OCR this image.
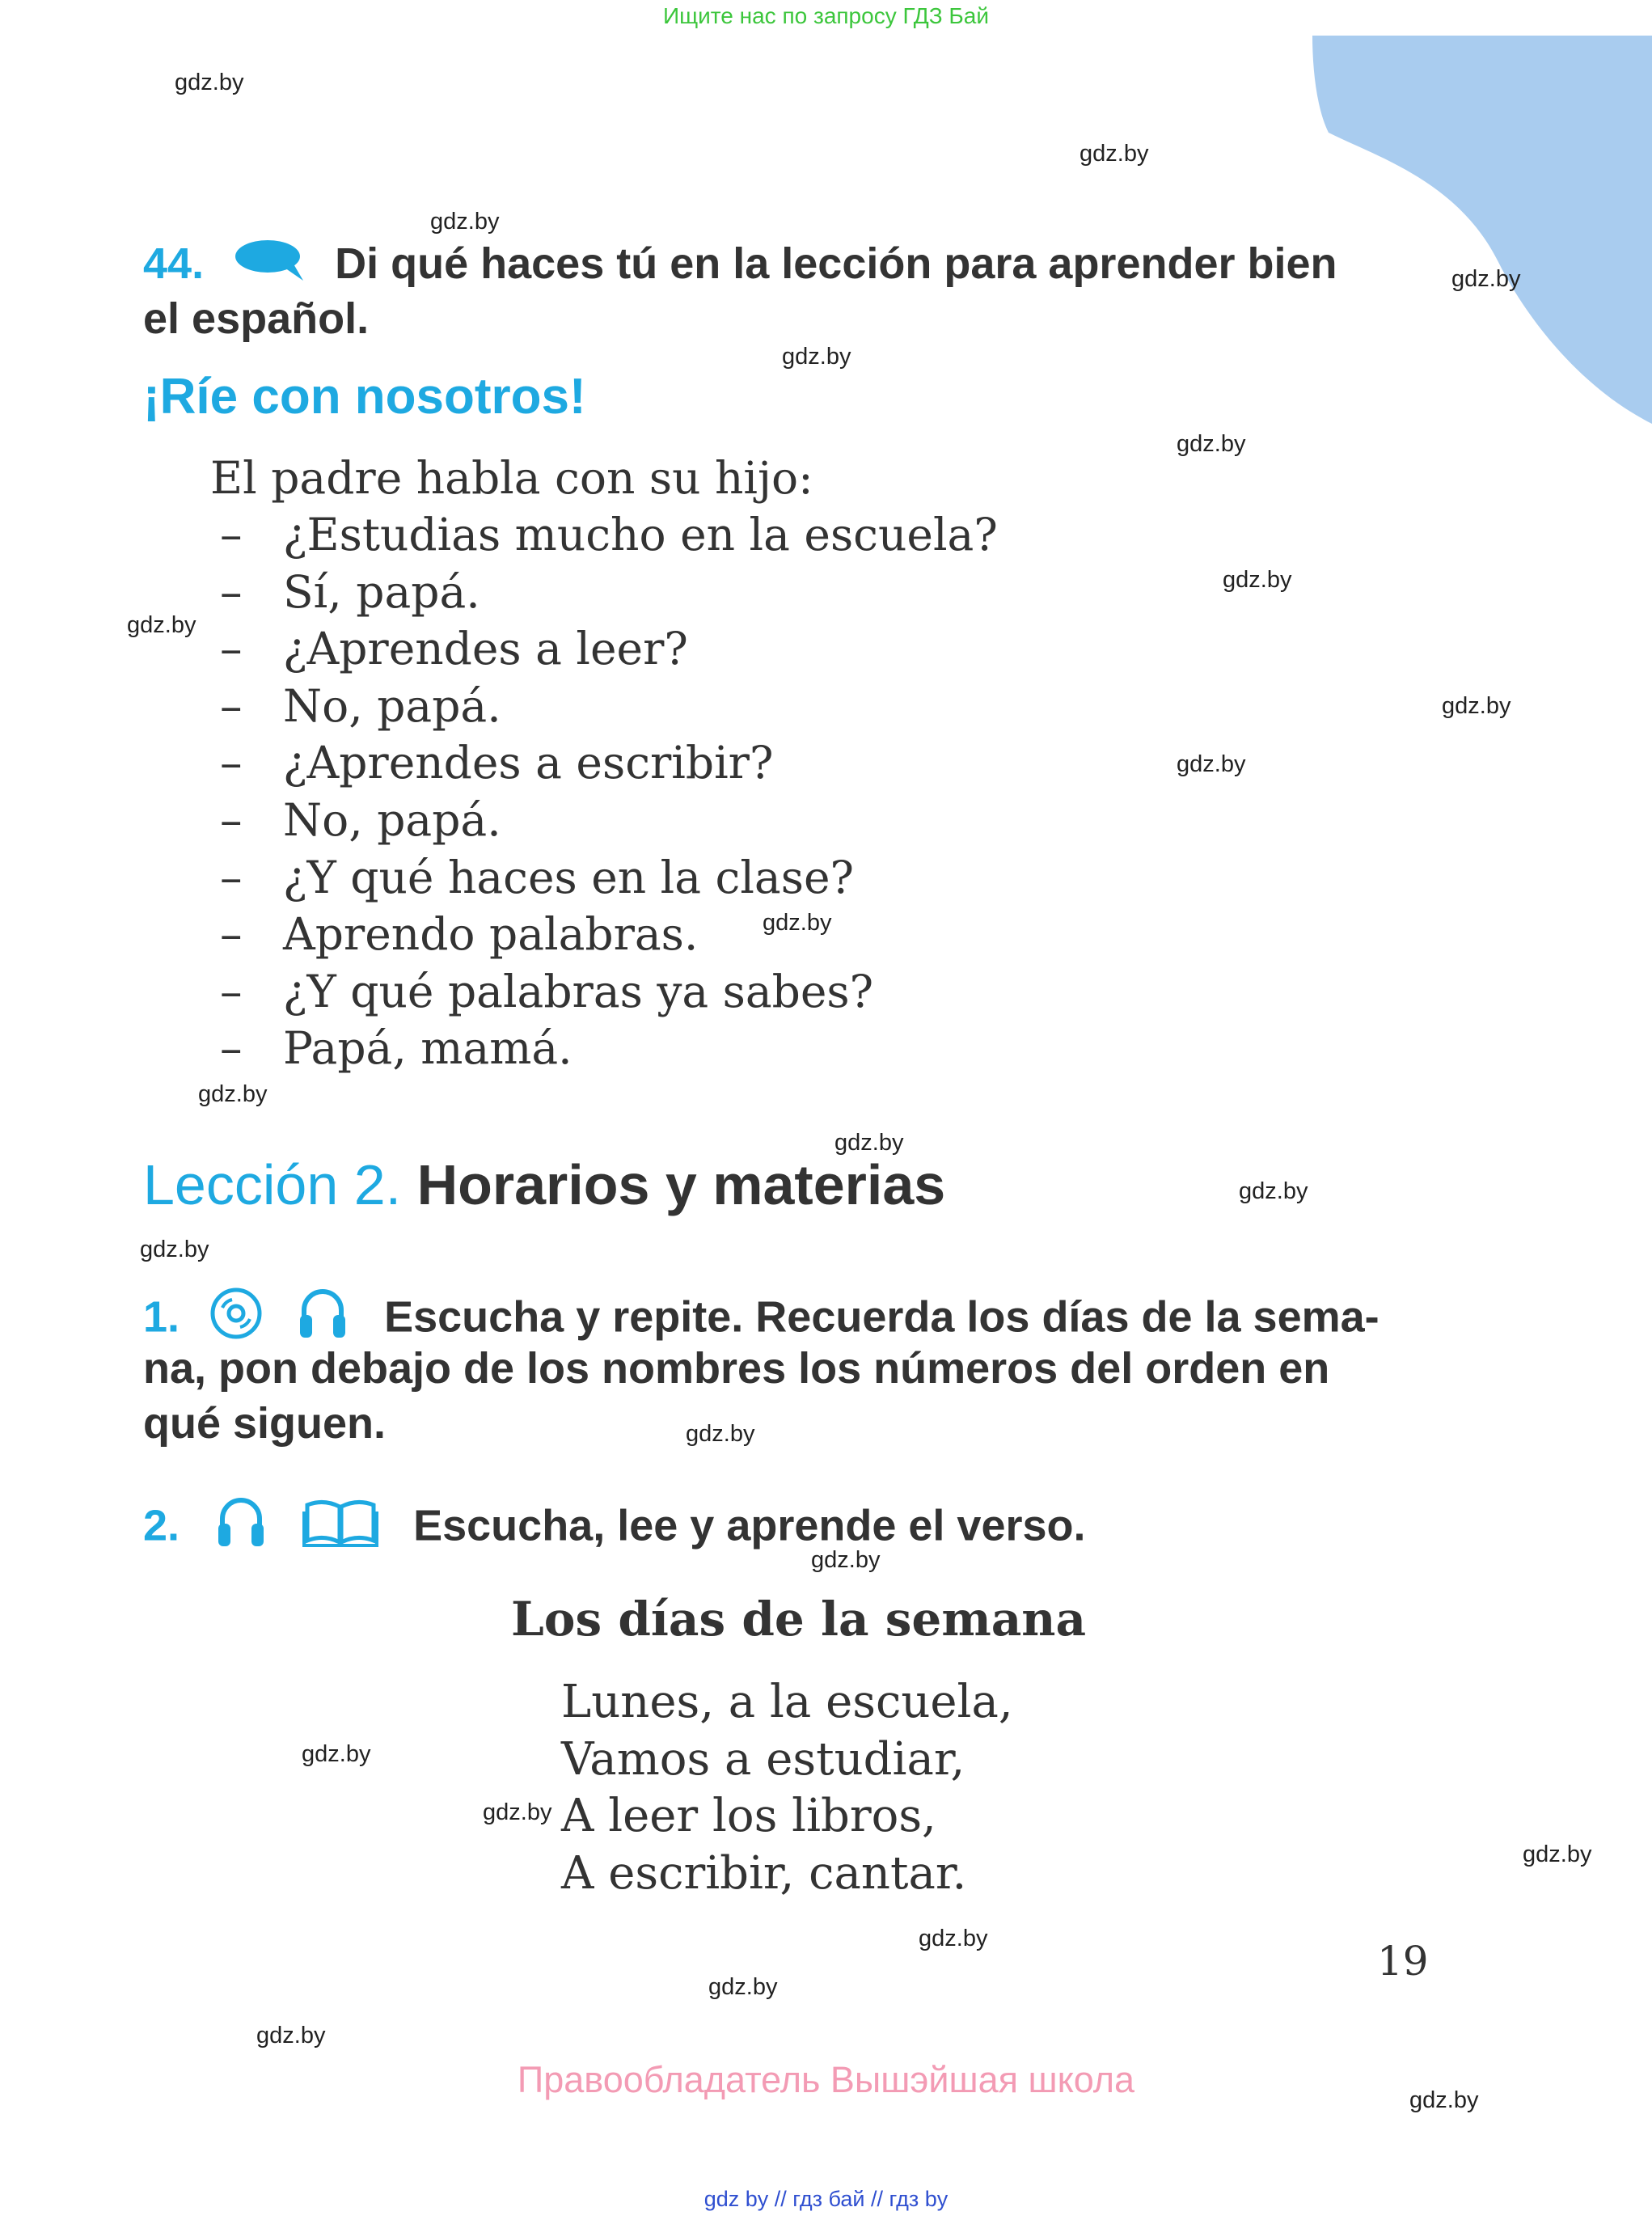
Ищите нас по запросу ГДЗ Бай
44.	Di qué haces tú en la lección para aprender bien
el español.
¡Ríe con nosotros!
El padre habla con su hijo:
– ¿Estudias mucho en la escuela?
– Sí, papá.
– ¿Aprendes a leer?
– No, papá.
– ¿Aprendes a escribir?
– No, papá.
– ¿Y qué haces en la clase?
– Aprendo palabras.
– ¿Y qué palabras ya sabes?
– Papá, mamá.
Lección 2. Horarios y materias
1.	Escucha y repite. Recuerda los días de la sema-
na, pon debajo de los nombres los números del orden en
qué siguen.
2.	Escucha, lee y aprende el verso.
Los días de la semana
Lunes, a la escuela,
Vamos a estudiar,
A leer los libros,
A escribir, cantar.
19
Правообладатель Вышэйшая школа
gdz by // гдз бай // гдз by
gdz.by
gdz.by
gdz.by
gdz.by
gdz.by
gdz.by
gdz.by
gdz.by
gdz.by
gdz.by
gdz.by
gdz.by
gdz.by
gdz.by
gdz.by
gdz.by
gdz.by
gdz.by
gdz.by
gdz.by
gdz.by
gdz.by
gdz.by
gdz.by
